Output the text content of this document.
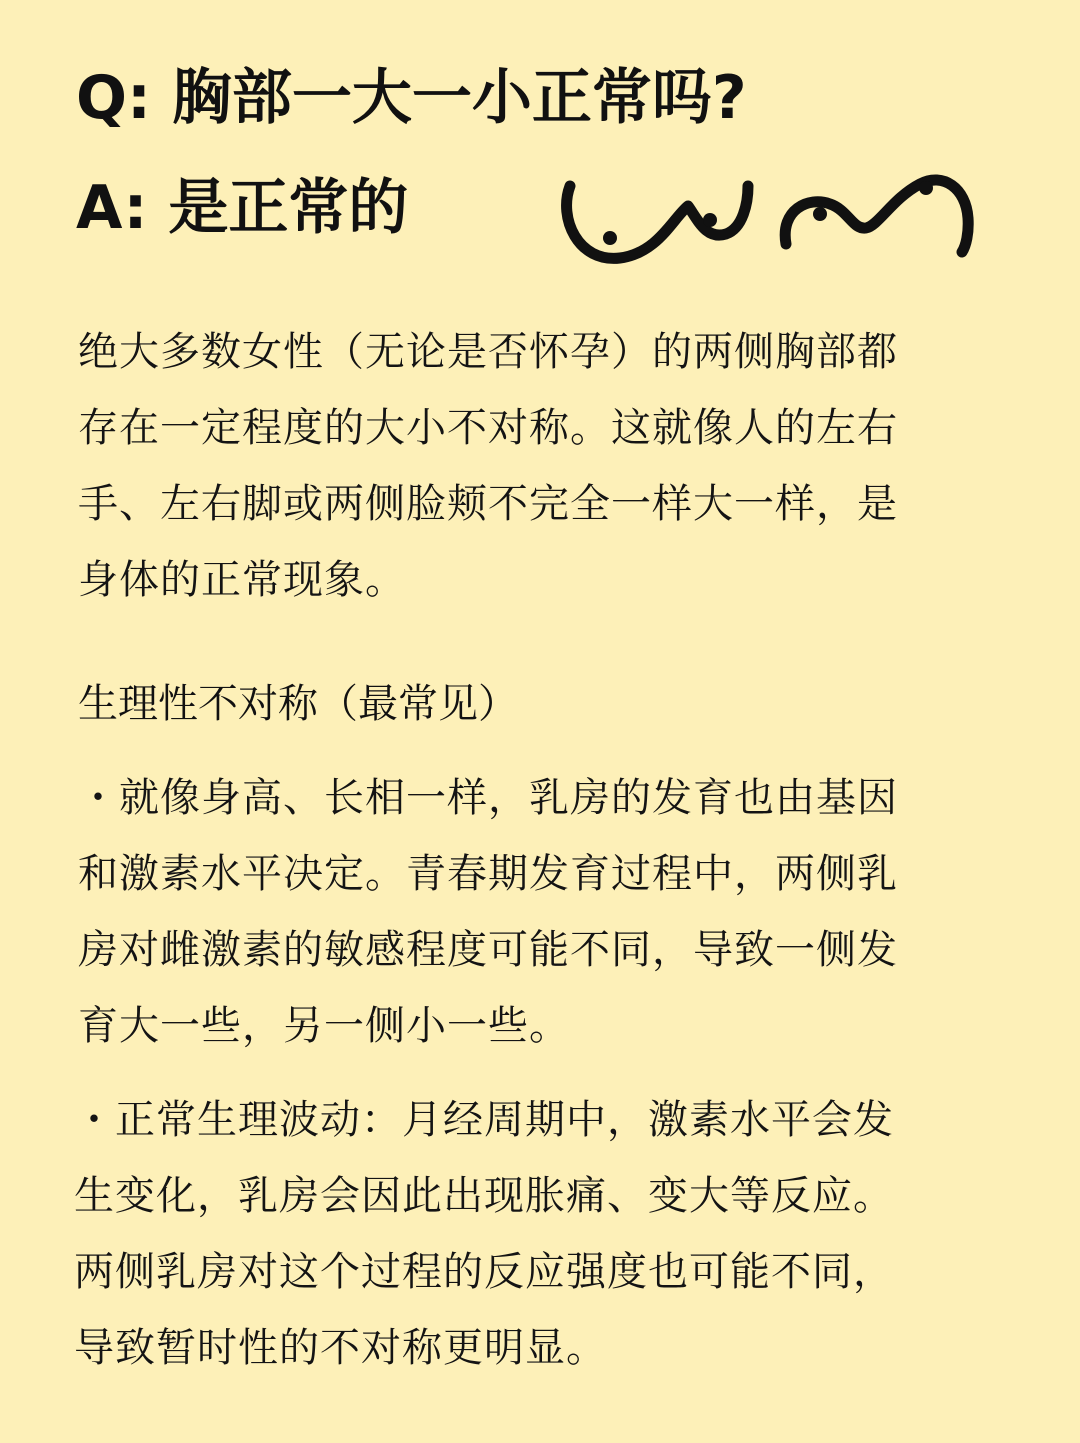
Q: 胸部一大一小正常吗?
A: 是正常的
绝大多数女性（无论是否怀孕）的两侧胸部都
存在一定程度的大小不对称。这就像人的左右
手、左右脚或两侧脸颊不完全一样大一样，是
身体的正常现象。
生理性不对称（最常见）
・就像身高、长相一样，乳房的发育也由基因
和激素水平决定。青春期发育过程中，两侧乳
房对雌激素的敏感程度可能不同，导致一侧发
育大一些，另一侧小一些。
・正常生理波动：月经周期中，激素水平会发
生变化，乳房会因此出现胀痛、变大等反应。
两侧乳房对这个过程的反应强度也可能不同，
导致暂时性的不对称更明显。
